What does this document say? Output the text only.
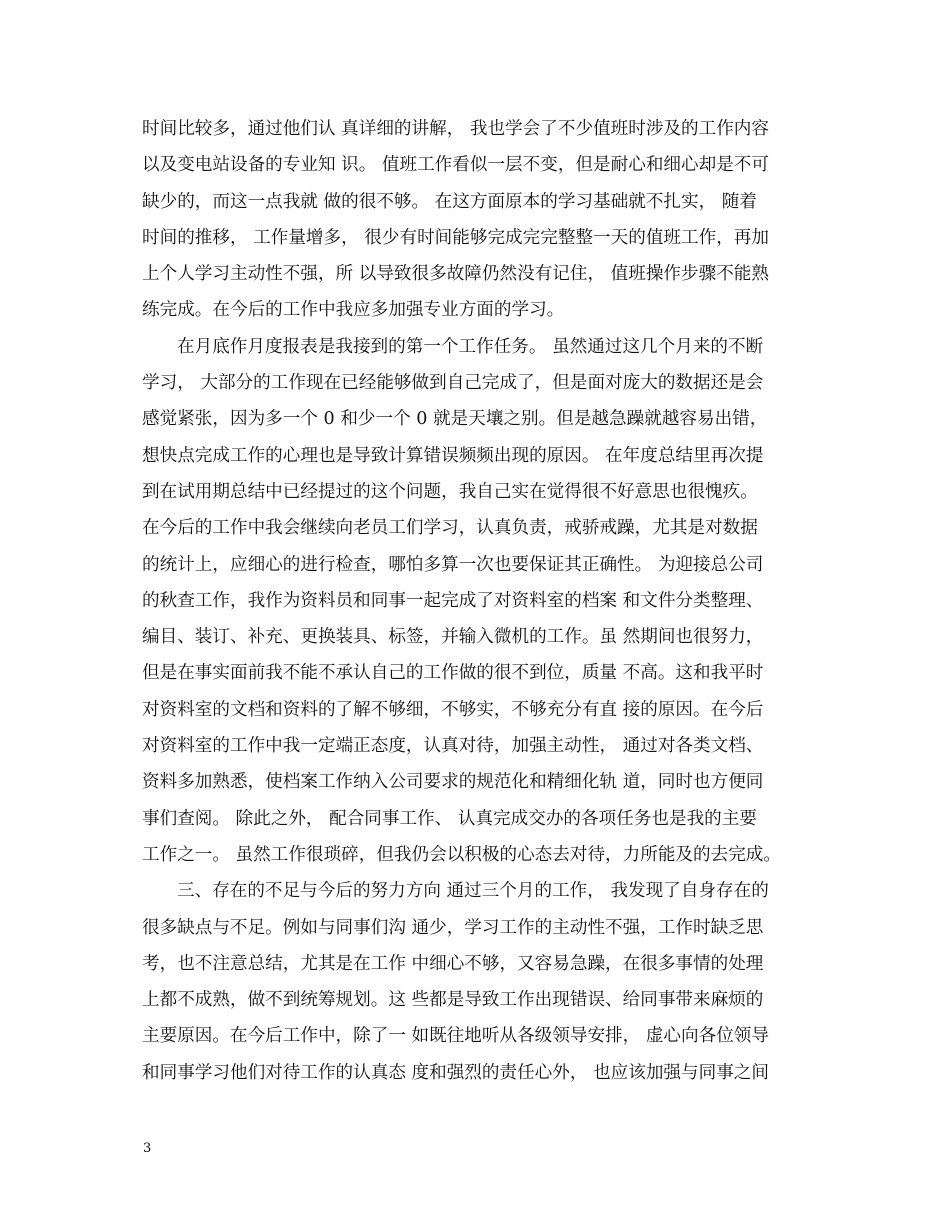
时间比较多，通过他们认 真详细的讲解， 我也学会了不少值班时涉及的工作内容
以及变电站设备的专业知 识。 值班工作看似一层不变，但是耐心和细心却是不可
缺少的，而这一点我就 做的很不够。 在这方面原本的学习基础就不扎实， 随着
时间的推移， 工作量增多， 很少有时间能够完成完完整整一天的值班工作，再加
上个人学习主动性不强，所 以导致很多故障仍然没有记住， 值班操作步骤不能熟
练完成。在今后的工作中我应多加强专业方面的学习。
在月底作月度报表是我接到的第一个工作任务。 虽然通过这几个月来的不断
学习， 大部分的工作现在已经能够做到自己完成了，但是面对庞大的数据还是会
感觉紧张，因为多一个 0 和少一个 0 就是天壤之别。但是越急躁就越容易出错，
想快点完成工作的心理也是导致计算错误频频出现的原因。 在年度总结里再次提
到在试用期总结中已经提过的这个问题，我自己实在觉得很不好意思也很愧疚。
在今后的工作中我会继续向老员工们学习，认真负责，戒骄戒躁，尤其是对数据
的统计上，应细心的进行检查，哪怕多算一次也要保证其正确性。 为迎接总公司
的秋查工作，我作为资料员和同事一起完成了对资料室的档案 和文件分类整理、
编目、装订、补充、更换装具、标签，并输入微机的工作。虽 然期间也很努力，
但是在事实面前我不能不承认自己的工作做的很不到位，质量 不高。这和我平时
对资料室的文档和资料的了解不够细，不够实，不够充分有直 接的原因。在今后
对资料室的工作中我一定端正态度，认真对待，加强主动性， 通过对各类文档、
资料多加熟悉，使档案工作纳入公司要求的规范化和精细化轨 道，同时也方便同
事们查阅。 除此之外， 配合同事工作、 认真完成交办的各项任务也是我的主要
工作之一。 虽然工作很琐碎，但我仍会以积极的心态去对待，力所能及的去完成。
三、存在的不足与今后的努力方向 通过三个月的工作， 我发现了自身存在的
很多缺点与不足。例如与同事们沟 通少，学习工作的主动性不强，工作时缺乏思
考，也不注意总结，尤其是在工作 中细心不够，又容易急躁，在很多事情的处理
上都不成熟，做不到统筹规划。这 些都是导致工作出现错误、给同事带来麻烦的
主要原因。在今后工作中，除了一 如既往地听从各级领导安排， 虚心向各位领导
和同事学习他们对待工作的认真态 度和强烈的责任心外， 也应该加强与同事之间
3
